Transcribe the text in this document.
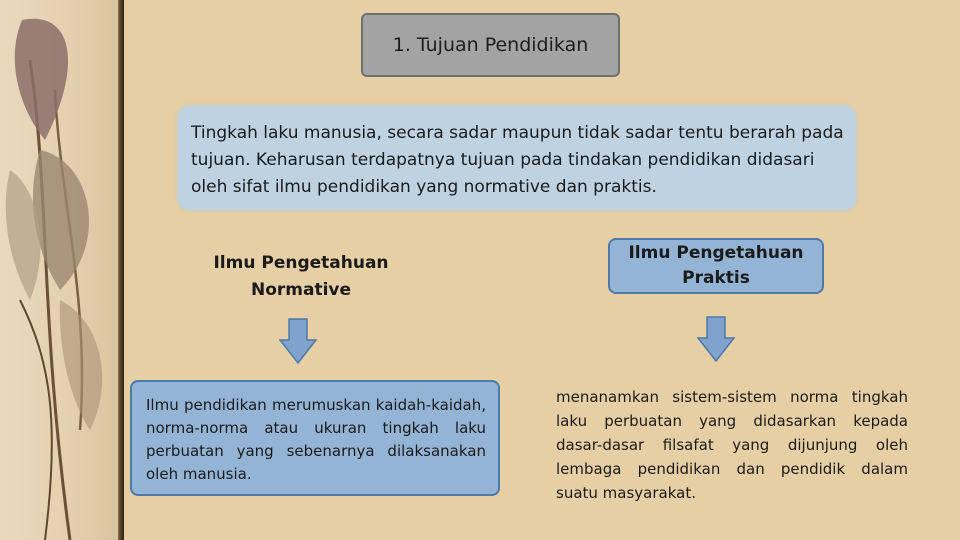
1. Tujuan Pendidikan
Tingkah laku manusia, secara sadar maupun tidak sadar tentu berarah pada tujuan. Keharusan terdapatnya tujuan pada tindakan pendidikan didasari oleh sifat ilmu pendidikan yang normative dan praktis.
Ilmu Pengetahuan Normative
Ilmu Pengetahuan Praktis
Ilmu pendidikan merumuskan kaidah-kaidah, norma-norma atau ukuran tingkah laku perbuatan yang sebenarnya dilaksanakan oleh manusia.
menanamkan sistem-sistem norma tingkah laku perbuatan yang didasarkan kepada dasar-dasar filsafat yang dijunjung oleh lembaga pendidikan dan pendidik dalam suatu masyarakat.
